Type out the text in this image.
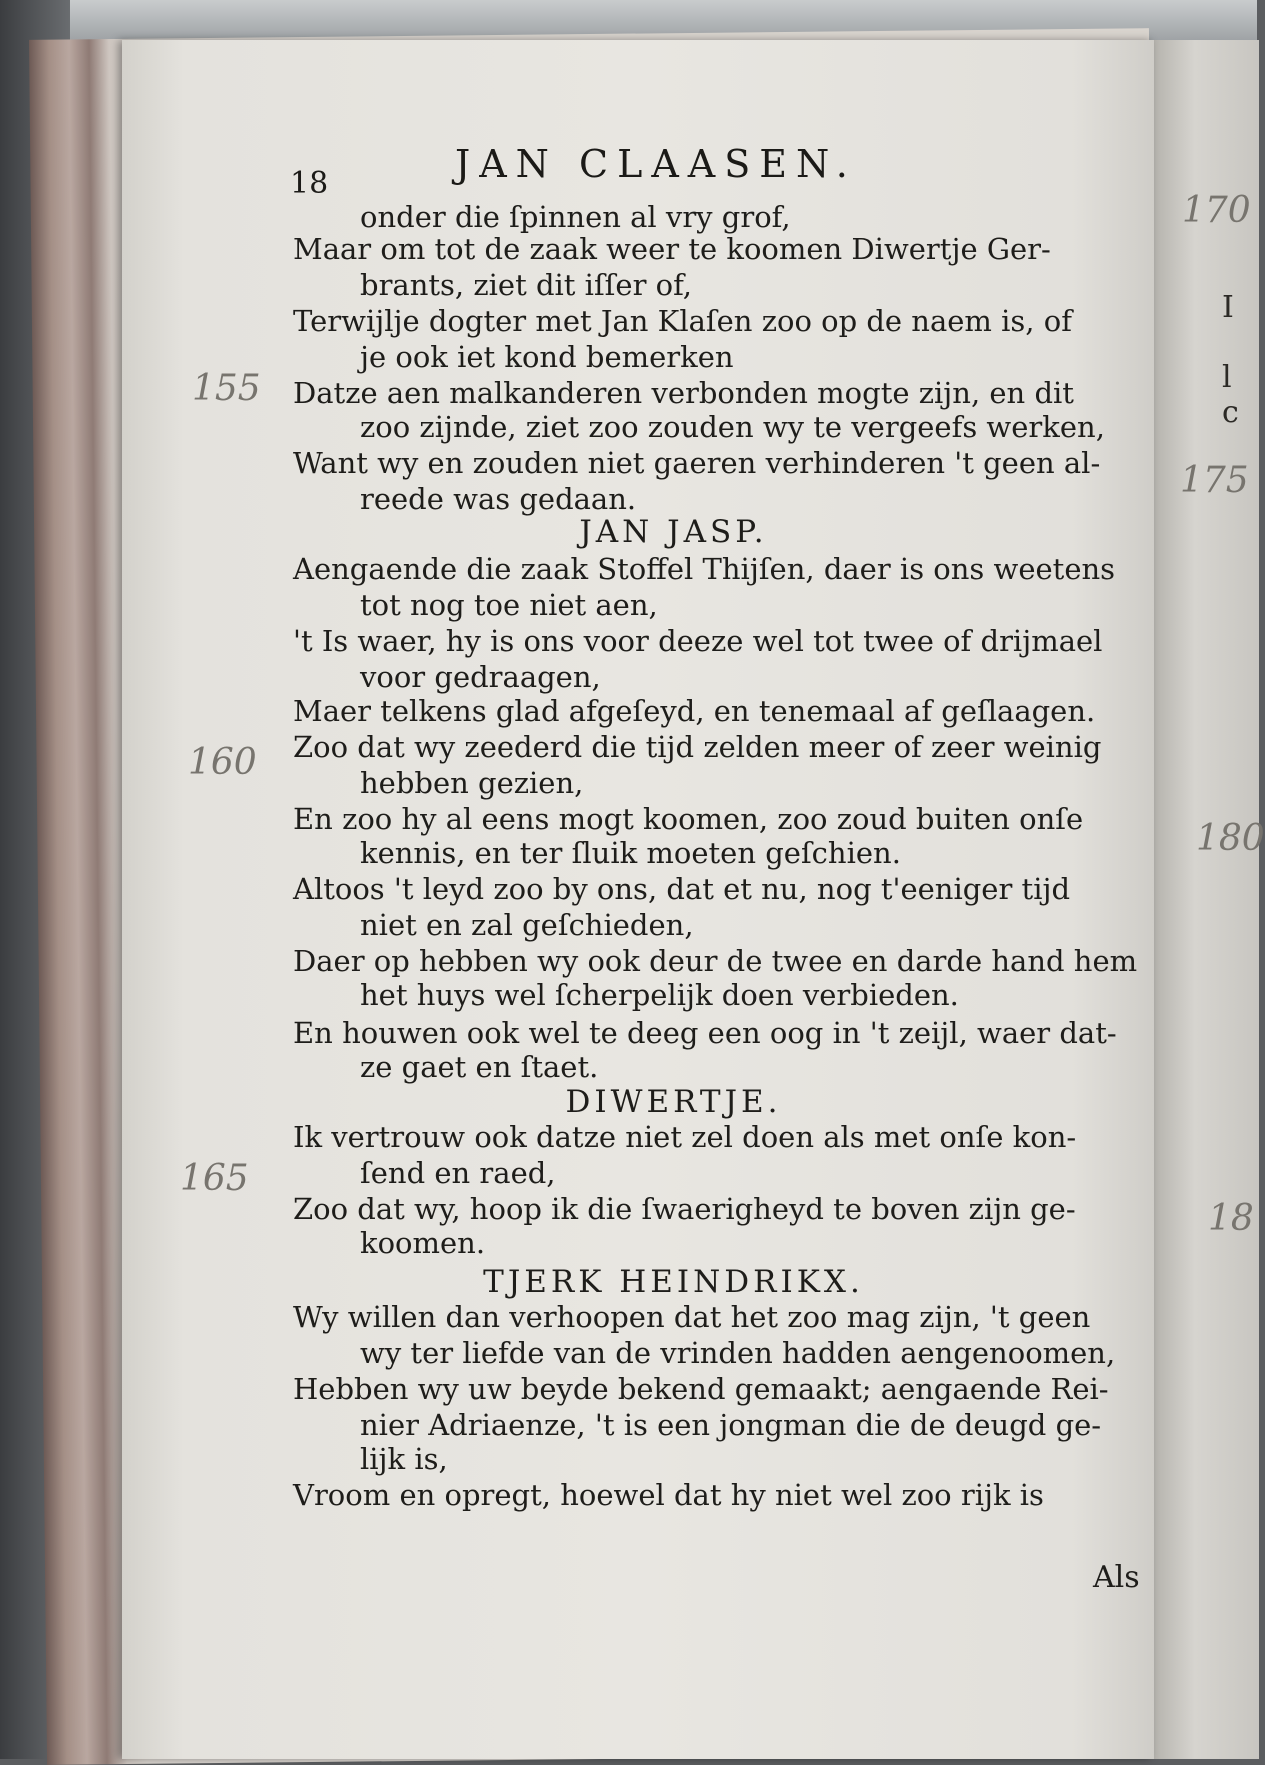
I
l
c
18	JAN CLAASEN.
onder die ſpinnen al vry grof,
Maar om tot de zaak weer te koomen Diwertje Ger-
brants, ziet dit iſſer of,
Terwijlje dogter met Jan Klaſen zoo op de naem is, of
je ook iet kond bemerken
Datze aen malkanderen verbonden mogte zijn, en dit
zoo zijnde, ziet zoo zouden wy te vergeefs werken,
Want wy en zouden niet gaeren verhinderen 't geen al-
reede was gedaan.
JAN JASP.
Aengaende die zaak Stoffel Thijſen, daer is ons weetens
tot nog toe niet aen,
't Is waer, hy is ons voor deeze wel tot twee of drijmael
voor gedraagen,
Maer telkens glad afgeſeyd, en tenemaal af geſlaagen.
Zoo dat wy zeederd die tijd zelden meer of zeer weinig
hebben gezien,
En zoo hy al eens mogt koomen, zoo zoud buiten onſe
kennis, en ter ſluik moeten geſchien.
Altoos 't leyd zoo by ons, dat et nu, nog t'eeniger tijd
niet en zal geſchieden,
Daer op hebben wy ook deur de twee en darde hand hem
het huys wel ſcherpelijk doen verbieden.
En houwen ook wel te deeg een oog in 't zeijl, waer dat-
ze gaet en ſtaet.
DIWERTJE.
Ik vertrouw ook datze niet zel doen als met onſe kon-
ſend en raed,
Zoo dat wy, hoop ik die ſwaerigheyd te boven zijn ge-
koomen.
TJERK HEINDRIKX.
Wy willen dan verhoopen dat het zoo mag zijn, 't geen
wy ter liefde van de vrinden hadden aengenoomen,
Hebben wy uw beyde bekend gemaakt; aengaende Rei-
nier Adriaenze, 't is een jongman die de deugd ge-
lijk is,
Vroom en opregt, hoewel dat hy niet wel zoo rijk is
Als
155
160
165
170
175
180
18
